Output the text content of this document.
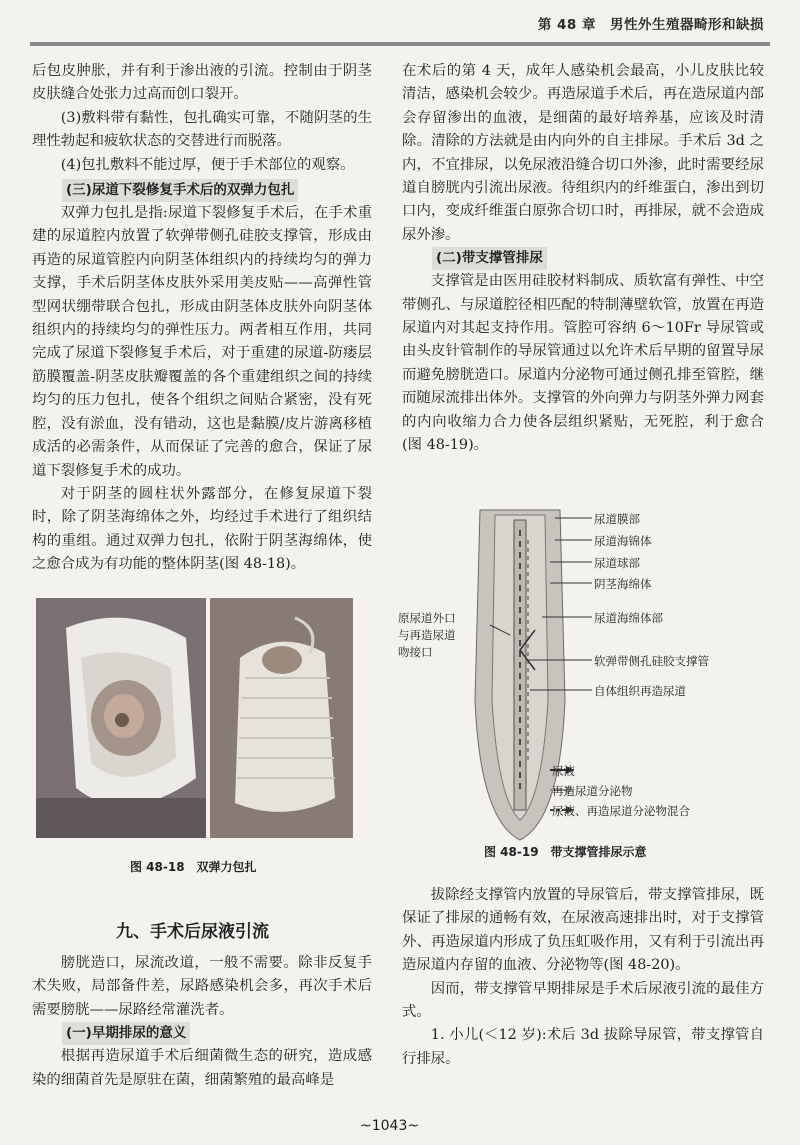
第 48 章　男性外生殖器畸形和缺损

后包皮肿胀，并有利于渗出液的引流。控制由于阴茎皮肤缝合处张力过高而创口裂开。

(3)敷料带有黏性，包扎确实可靠，不随阴茎的生理性勃起和疲软状态的交替进行而脱落。

(4)包扎敷料不能过厚，便于手术部位的观察。

(三)尿道下裂修复手术后的双弹力包扎

双弹力包扎是指:尿道下裂修复手术后，在手术重建的尿道腔内放置了软弹带侧孔硅胶支撑管，形成由再造的尿道管腔内向阴茎体组织内的持续均匀的弹力支撑，手术后阴茎体皮肤外采用美皮贴——高弹性管型网状绷带联合包扎，形成由阴茎体皮肤外向阴茎体组织内的持续均匀的弹性压力。两者相互作用，共同完成了尿道下裂修复手术后，对于重建的尿道-防瘘层筋膜覆盖-阴茎皮肤瓣覆盖的各个重建组织之间的持续均匀的压力包扎，使各个组织之间贴合紧密，没有死腔，没有淤血，没有错动，这也是黏膜/皮片游离移植成活的必需条件，从而保证了完善的愈合，保证了尿道下裂修复手术的成功。

对于阴茎的圆柱状外露部分，在修复尿道下裂时，除了阴茎海绵体之外，均经过手术进行了组织结构的重组。通过双弹力包扎，依附于阴茎海绵体，使之愈合成为有功能的整体阴茎(图 48-18)。

图 48-18　双弹力包扎
九、手术后尿液引流

膀胱造口，尿流改道，一般不需要。除非反复手术失败，局部备件差，尿路感染机会多，再次手术后需要膀胱——尿路经常灌洗者。

(一)早期排尿的意义

根据再造尿道手术后细菌微生态的研究，造成感染的细菌首先是原驻在菌，细菌繁殖的最高峰是

在术后的第 4 天，成年人感染机会最高，小儿皮肤比较清洁，感染机会较少。再造尿道手术后，再在造尿道内部会存留渗出的血液，是细菌的最好培养基，应该及时清除。清除的方法就是由内向外的自主排尿。手术后 3d 之内，不宜排尿，以免尿液沿缝合切口外渗，此时需要经尿道自膀胱内引流出尿液。待组织内的纤维蛋白，渗出到切口内，变成纤维蛋白原弥合切口时，再排尿，就不会造成尿外渗。

(二)带支撑管排尿

支撑管是由医用硅胶材料制成、质软富有弹性、中空带侧孔、与尿道腔径相匹配的特制薄壁软管，放置在再造尿道内对其起支持作用。管腔可容纳 6～10Fr 导尿管或由头皮针管制作的导尿管通过以允许术后早期的留置导尿而避免膀胱造口。尿道内分泌物可通过侧孔排至管腔，继而随尿流排出体外。支撑管的外向弹力与阴茎外弹力网套的内向收缩力合力使各层组织紧贴，无死腔，利于愈合(图 48-19)。

尿道膜部
尿道海锦体
尿道球部
阴茎海绵体
尿道海绵体部
原尿道外口
与再造尿道
吻接口
软弹带侧孔硅胶支撑管
自体组织再造尿道
尿液
再造尿道分泌物
尿液、再造尿道分泌物混合
图 48-19　带支撑管排尿示意

拔除经支撑管内放置的导尿管后，带支撑管排尿，既保证了排尿的通畅有效，在尿液高速排出时，对于支撑管外、再造尿道内形成了负压虹吸作用，又有利于引流出再造尿道内存留的血液、分泌物等(图 48-20)。

因而，带支撑管早期排尿是手术后尿液引流的最佳方式。

1. 小儿(＜12 岁):术后 3d 拔除导尿管，带支撑管自行排尿。

~1043~
